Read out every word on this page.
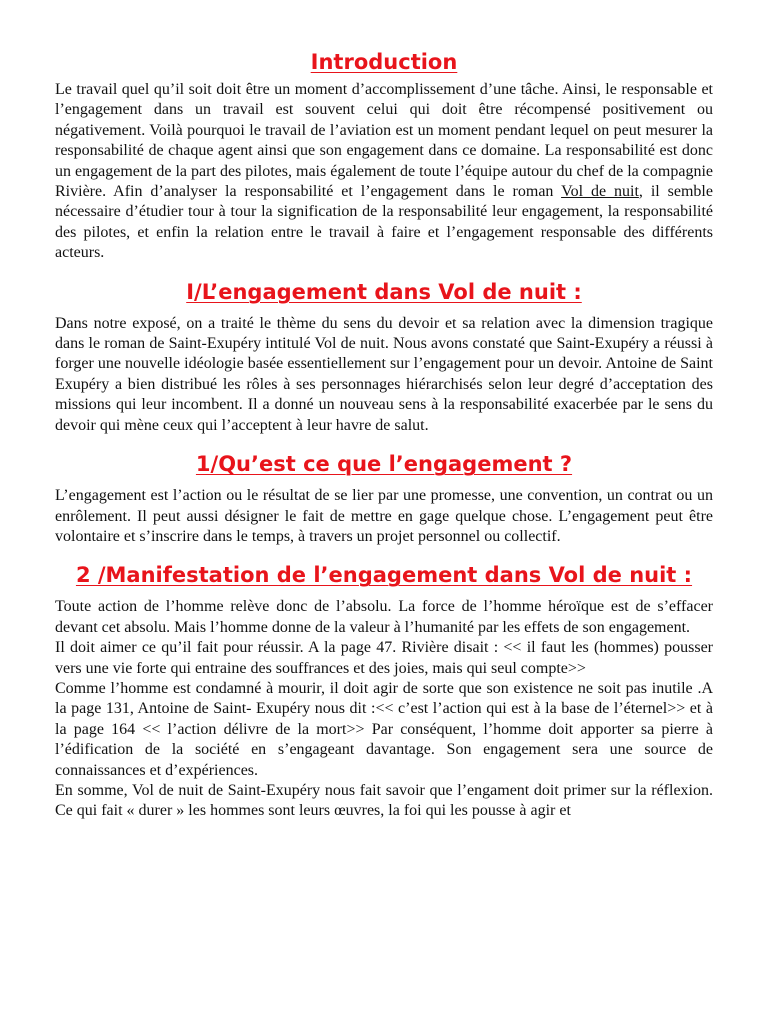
Introduction

Le travail quel qu’il soit doit être un moment d’accomplissement d’une tâche. Ainsi, le responsable et l’engagement dans un travail est souvent celui qui doit être récompensé positivement ou négativement. Voilà pourquoi le travail de l’aviation est un moment pendant lequel on peut mesurer la responsabilité de chaque agent ainsi que son engagement dans ce domaine. La responsabilité est donc un engagement de la part des pilotes, mais également de toute l’équipe autour du chef de la compagnie Rivière. Afin d’analyser la responsabilité et l’engagement dans le roman Vol de nuit, il semble nécessaire d’étudier tour à tour la signification de la responsabilité leur engagement, la responsabilité des pilotes, et enfin la relation entre le travail à faire et l’engagement responsable des différents acteurs.

I/L’engagement dans Vol de nuit :

Dans notre exposé, on a traité le thème du sens du devoir et sa relation avec la dimension tragique dans le roman de Saint-Exupéry intitulé Vol de nuit. Nous avons constaté que Saint-Exupéry a réussi à forger une nouvelle idéologie basée essentiellement sur l’engagement pour un devoir. Antoine de Saint Exupéry a bien distribué les rôles à ses personnages hiérarchisés selon leur degré d’acceptation des missions qui leur incombent. Il a donné un nouveau sens à la responsabilité exacerbée par le sens du devoir qui mène ceux qui l’acceptent à leur havre de salut.

1/Qu’est ce que l’engagement ?

L’engagement est l’action ou le résultat de se lier par une promesse, une convention, un contrat ou un enrôlement. Il peut aussi désigner le fait de mettre en gage quelque chose. L’engagement peut être volontaire et s’inscrire dans le temps, à travers un projet personnel ou collectif.

2 /Manifestation de l’engagement dans Vol de nuit :

Toute action de l’homme relève donc de l’absolu. La force de l’homme héroïque est de s’effacer devant cet absolu. Mais l’homme donne de la valeur à l’humanité par les effets de son engagement.

Il doit aimer ce qu’il fait pour réussir. A la page 47. Rivière disait : << il faut les (hommes) pousser vers une vie forte qui entraine des souffrances et des joies, mais qui seul compte>>

Comme l’homme est condamné à mourir, il doit agir de sorte que son existence ne soit pas inutile .A la page 131, Antoine de Saint- Exupéry nous dit :<< c’est l’action qui est à la base de l’éternel>> et à la page 164 << l’action délivre de la mort>> Par conséquent, l’homme doit apporter sa pierre à l’édification de la société en s’engageant davantage. Son engagement sera une source de connaissances et d’expériences.

En somme, Vol de nuit de Saint-Exupéry nous fait savoir que l’engament doit primer sur la réflexion. Ce qui fait « durer » les hommes sont leurs œuvres, la foi qui les pousse à agir et
